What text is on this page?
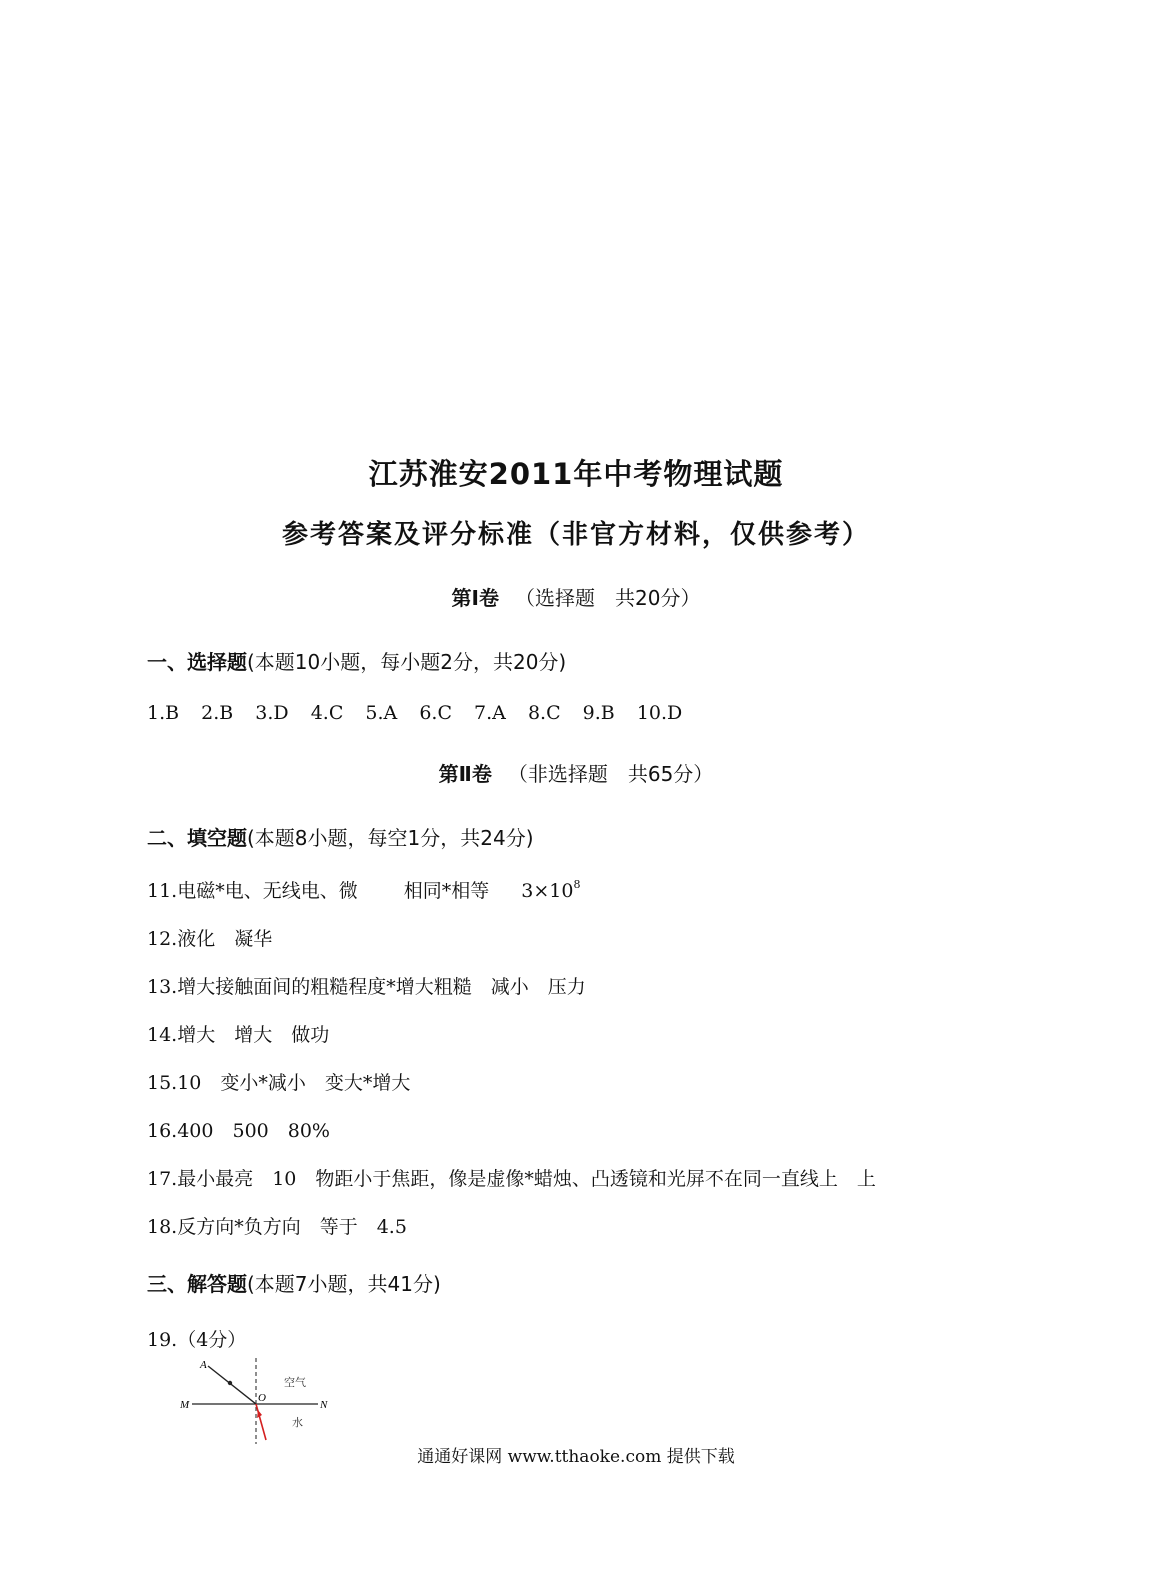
江苏淮安2011年中考物理试题
参考答案及评分标准（非官方材料，仅供参考）
第Ⅰ卷 （选择题　共20分）
一、选择题(本题10小题，每小题2分，共20分)
1.B 2.B 3.D 4.C 5.A 6.C 7.A 8.C 9.B 10.D
第Ⅱ卷 （非选择题　共65分）
二、填空题(本题8小题，每空1分，共24分)
11.电磁*电、无线电、微 相同*相等 $3\times 10^8$
12.液化　凝华
13.增大接触面间的粗糙程度*增大粗糙　减小　压力
14.增大　增大　做功
15.10　变小*减小　变大*增大
16.400　500　80%
17.最小最亮　10　物距小于焦距，像是虚像*蜡烛、凸透镜和光屏不在同一直线上　上
18.反方向*负方向　等于　4.5
三、解答题(本题7小题，共41分)
19.（4分）
A
O
M	N
空气
水
通通好课网 www.tthaoke.com 提供下载
